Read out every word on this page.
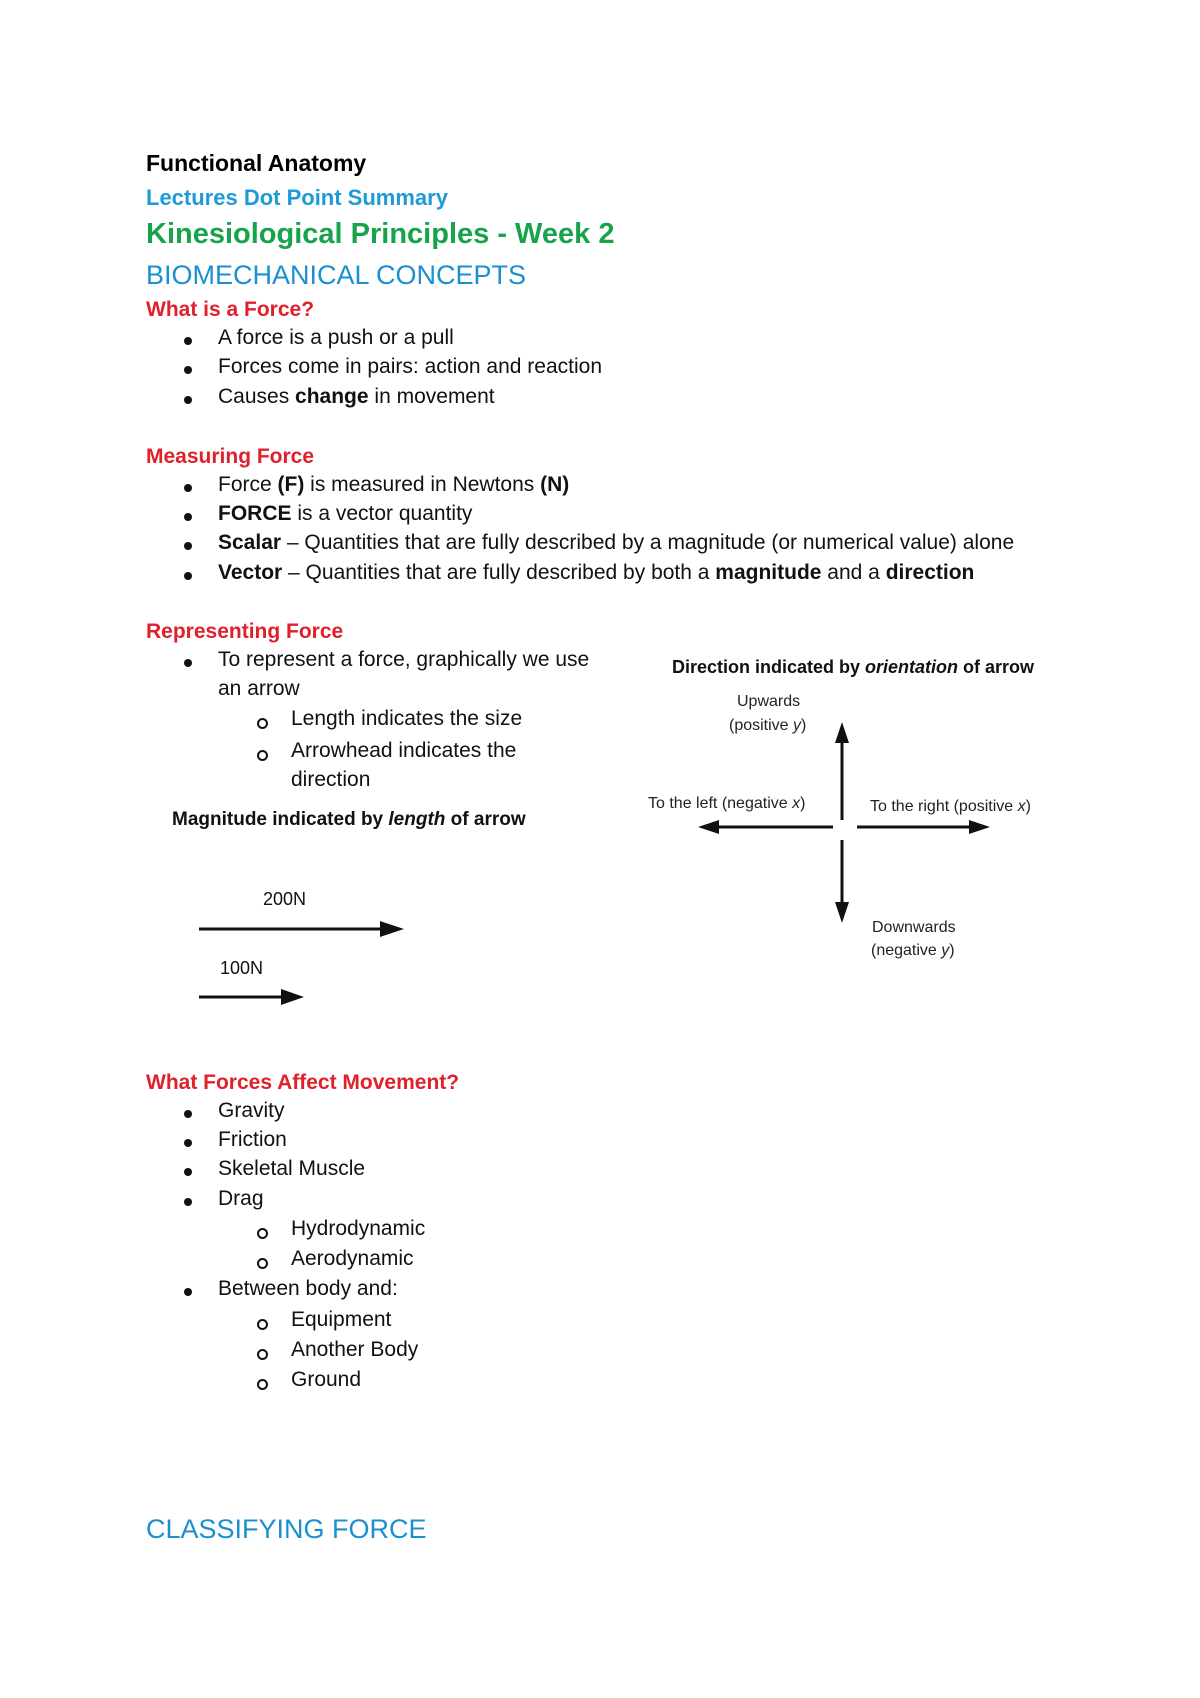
Functional Anatomy

Lectures Dot Point Summary

Kinesiological Principles - Week 2

BIOMECHANICAL CONCEPTS

What is a Force?

A force is a push or a pull

Forces come in pairs: action and reaction

Causes change in movement

Measuring Force

Force (F) is measured in Newtons (N)

FORCE is a vector quantity

Scalar – Quantities that are fully described by a magnitude (or numerical value) alone

Vector – Quantities that are fully described by both a magnitude and a direction

Representing Force

To represent a force, graphically we use

an arrow

Length indicates the size

Arrowhead indicates the

direction

Magnitude indicated by length of arrow
200N
100N
Direction indicated by orientation of arrow
Upwards
(positive y)
To the left (negative x)	To the right (positive x)
Downwards
(negative y)

What Forces Affect Movement?

Gravity

Friction

Skeletal Muscle

Drag

Hydrodynamic

Aerodynamic

Between body and:

Equipment

Another Body

Ground

CLASSIFYING FORCE
